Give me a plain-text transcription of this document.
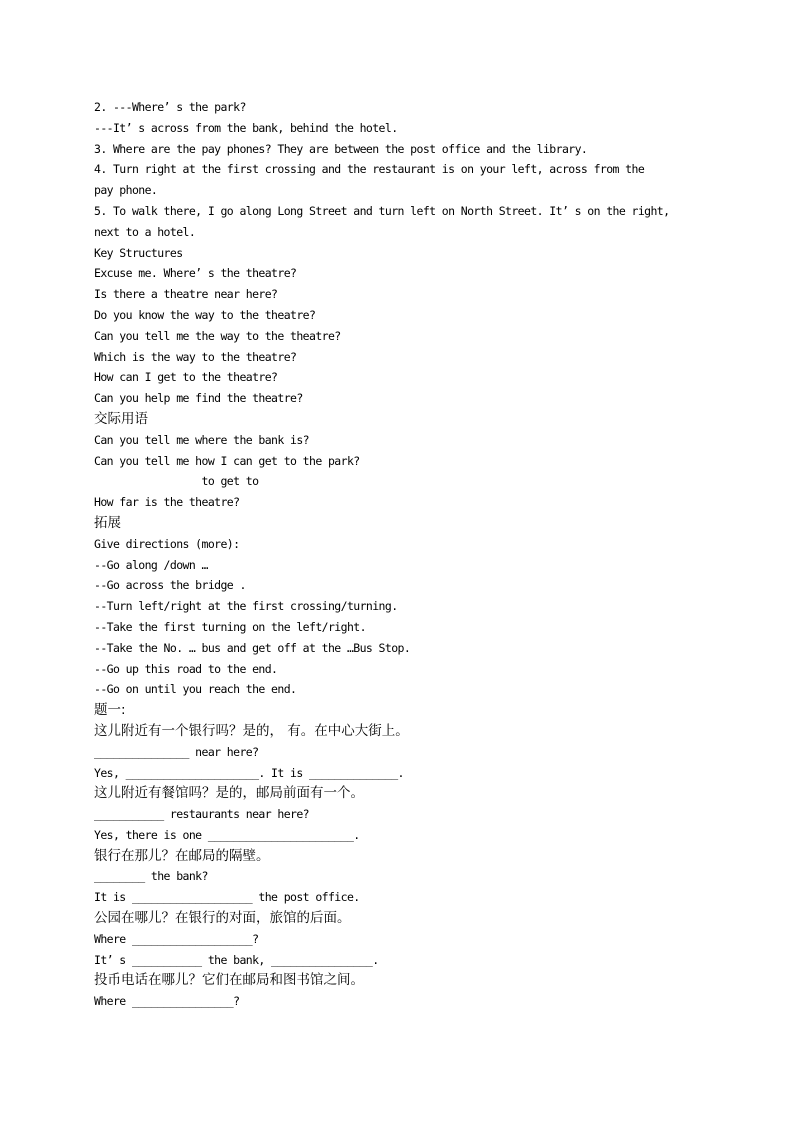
2. ---Where’ s the park?
---It’ s across from the bank, behind the hotel.
3. Where are the pay phones? They are between the post office and the library.
4. Turn right at the first crossing and the restaurant is on your left, across from the
pay phone.
5. To walk there, I go along Long Street and turn left on North Street. It’ s on the right,
next to a hotel.
Key Structures
Excuse me. Where’ s the theatre?
Is there a theatre near here?
Do you know the way to the theatre?
Can you tell me the way to the theatre?
Which is the way to the theatre?
How can I get to the theatre?
Can you help me find the theatre?
交际用语
Can you tell me where the bank is?
Can you tell me how I can get to the park?
to get to
How far is the theatre?
拓展
Give directions (more):
--Go along /down …
--Go across the bridge .
--Turn left/right at the first crossing/turning.
--Take the first turning on the left/right.
--Take the No. … bus and get off at the …Bus Stop.
--Go up this road to the end.
--Go on until you reach the end.
题一:
这儿附近有一个银行吗？是的， 有。在中心大街上。
_______________ near here?
Yes, _____________________. It is ______________.
这儿附近有餐馆吗？是的，邮局前面有一个。
___________ restaurants near here?
Yes, there is one _______________________.
银行在那儿？在邮局的隔壁。
________ the bank?
It is ___________________ the post office.
公园在哪儿？在银行的对面，旅馆的后面。
Where ___________________?
It’ s ___________ the bank, ________________.
投币电话在哪儿？它们在邮局和图书馆之间。
Where ________________?
